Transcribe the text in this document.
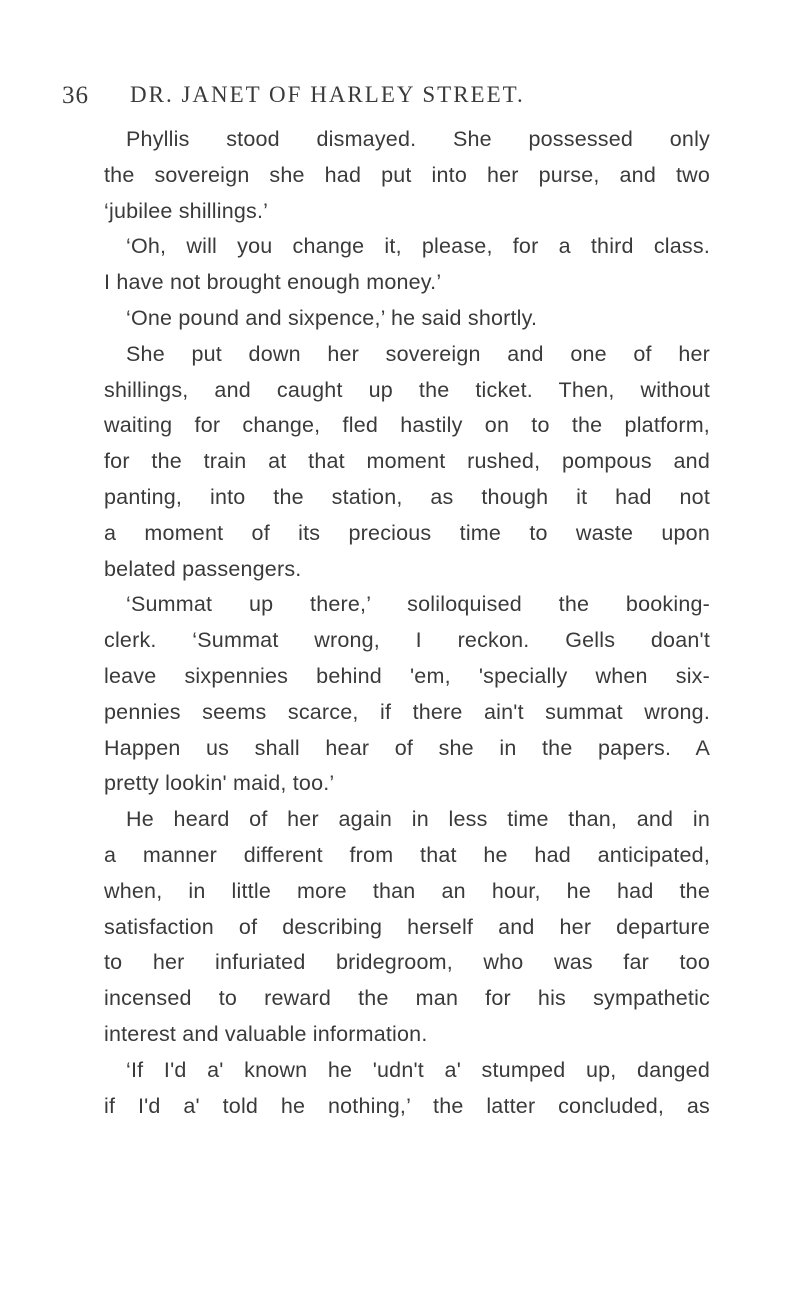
36 DR. JANET OF HARLEY STREET.
Phyllis stood dismayed. She possessed only
the sovereign she had put into her purse, and two
‘jubilee shillings.’
‘Oh, will you change it, please, for a third class.
I have not brought enough money.’
‘One pound and sixpence,’ he said shortly.
She put down her sovereign and one of her
shillings, and caught up the ticket. Then, without
waiting for change, fled hastily on to the platform,
for the train at that moment rushed, pompous and
panting, into the station, as though it had not
a moment of its precious time to waste upon
belated passengers.
‘Summat up there,’ soliloquised the booking-
clerk. ‘Summat wrong, I reckon. Gells doan't
leave sixpennies behind 'em, 'specially when six-
pennies seems scarce, if there ain't summat wrong.
Happen us shall hear of she in the papers. A
pretty lookin' maid, too.’
He heard of her again in less time than, and in
a manner different from that he had anticipated,
when, in little more than an hour, he had the
satisfaction of describing herself and her departure
to her infuriated bridegroom, who was far too
incensed to reward the man for his sympathetic
interest and valuable information.
‘If I'd a' known he 'udn't a' stumped up, danged
if I'd a' told he nothing,’ the latter concluded, as
